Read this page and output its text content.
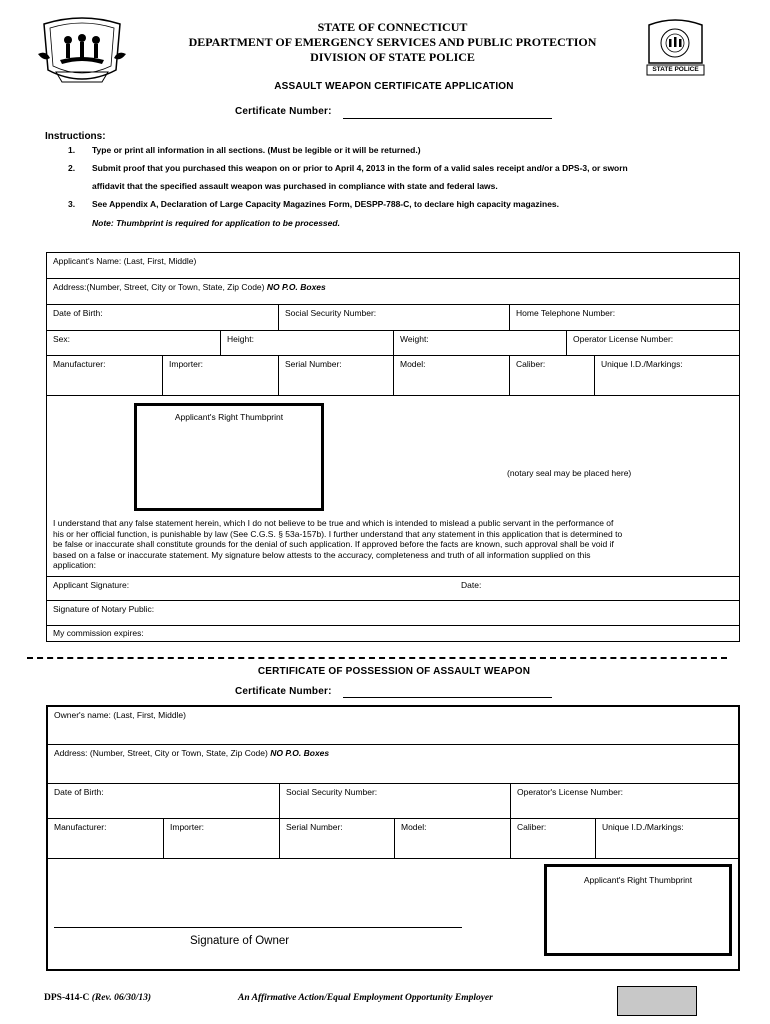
STATE OF CONNECTICUT
DEPARTMENT OF EMERGENCY SERVICES AND PUBLIC PROTECTION
DIVISION OF STATE POLICE
STATE POLICE
ASSAULT WEAPON CERTIFICATE APPLICATION
Certificate Number:
Instructions:
1. Type or print all information in all sections. (Must be legible or it will be returned.)
2. Submit proof that you purchased this weapon on or prior to April 4, 2013 in the form of a valid sales receipt and/or a DPS-3, or sworn
affidavit that the specified assault weapon was purchased in compliance with state and federal laws.
3. See Appendix A, Declaration of Large Capacity Magazines Form, DESPP-788-C, to declare high capacity magazines.
Note: Thumbprint is required for application to be processed.
Applicant's Name: (Last, First, Middle)
Address:(Number, Street, City or Town, State, Zip Code) NO P.O. Boxes
Date of Birth:	Social Security Number:	Home Telephone Number:
Sex:	Height:	Weight:	Operator License Number:
Manufacturer:	Importer:	Serial Number:	Model:	Caliber:	Unique I.D./Markings:
Applicant's Right Thumbprint
(notary seal may be placed here)
I understand that any false statement herein, which I do not believe to be true and which is intended to mislead a public servant in the performance of
his or her official function, is punishable by law (See C.G.S. § 53a-157b). I further understand that any statement in this application that is determined to
be false or inaccurate shall constitute grounds for the denial of such application. If approved before the facts are known, such approval shall be void if
based on a false or inaccurate statement. My signature below attests to the accuracy, completeness and truth of all information supplied on this
application:
Applicant Signature:	Date:
Signature of Notary Public:
My commission expires:
CERTIFICATE OF POSSESSION OF ASSAULT WEAPON
Certificate Number:
Owner's name: (Last, First, Middle)
Address: (Number, Street, City or Town, State, Zip Code) NO P.O. Boxes
Date of Birth:	Social Security Number:	Operator's License Number:
Manufacturer:	Importer:	Serial Number:	Model:	Caliber:	Unique I.D./Markings:
Signature of Owner
Applicant's Right Thumbprint
DPS-414-C (Rev. 06/30/13)	An Affirmative Action/Equal Employment Opportunity Employer
